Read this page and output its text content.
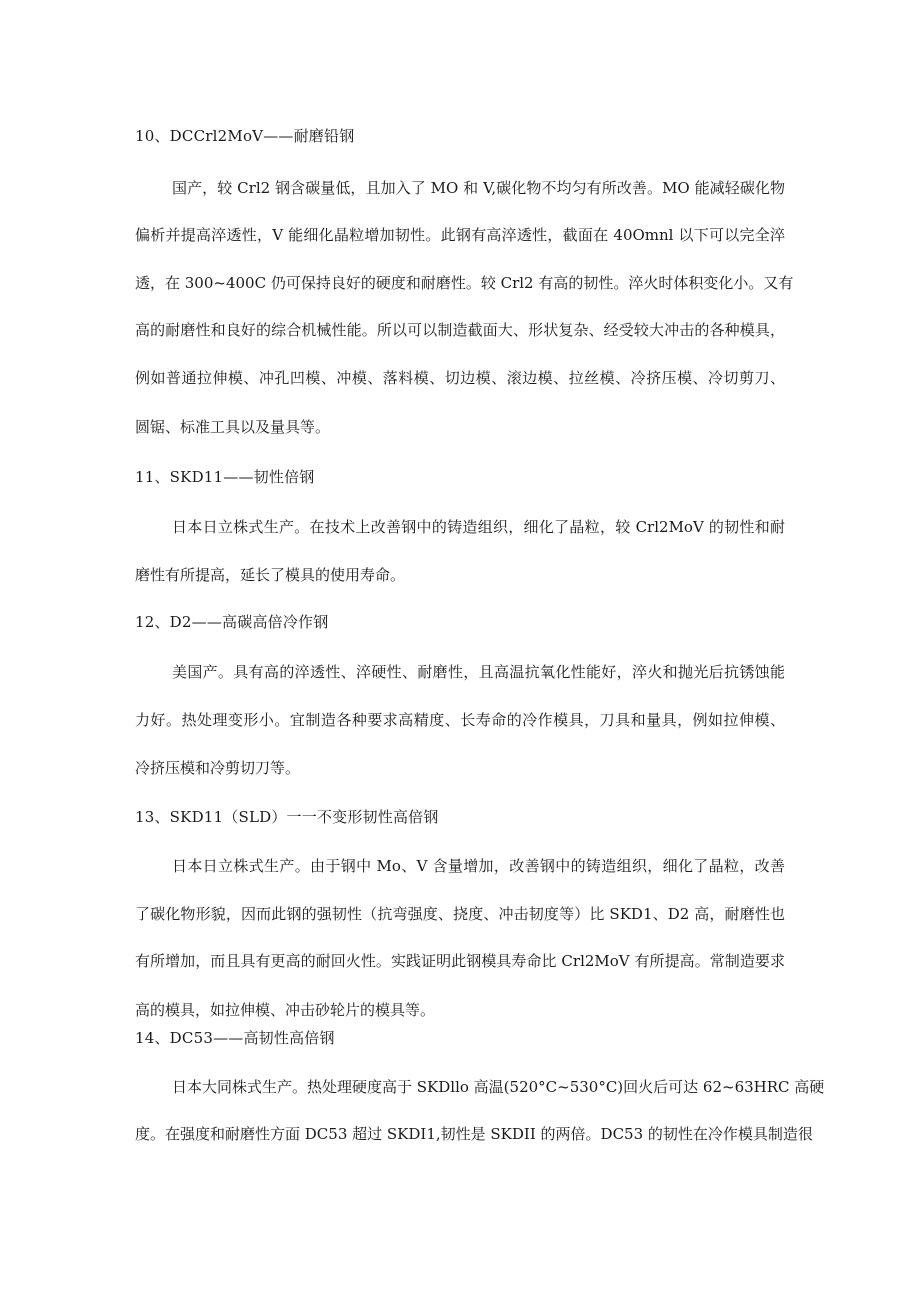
10、DCCrl2MoV——耐磨铅钢
国产，较 Crl2 钢含碳量低，且加入了 MO 和 V,碳化物不均匀有所改善。MO 能减轻碳化物
偏析并提高淬透性，V 能细化晶粒增加韧性。此钢有高淬透性，截面在 40Omnl 以下可以完全淬
透，在 300~400C 仍可保持良好的硬度和耐磨性。较 Crl2 有高的韧性。淬火时体积变化小。又有
高的耐磨性和良好的综合机械性能。所以可以制造截面大、形状复杂、经受较大冲击的各种模具，
例如普通拉伸模、冲孔凹模、冲模、落料模、切边模、滚边模、拉丝模、冷挤压模、冷切剪刀、
圆锯、标准工具以及量具等。
11、SKD11——韧性倍钢
日本日立株式生产。在技术上改善钢中的铸造组织，细化了晶粒，较 Crl2MoV 的韧性和耐
磨性有所提高，延长了模具的使用寿命。
12、D2——高碳高倍冷作钢
美国产。具有高的淬透性、淬硬性、耐磨性，且高温抗氧化性能好，淬火和抛光后抗锈蚀能
力好。热处理变形小。宜制造各种要求高精度、长寿命的冷作模具，刀具和量具，例如拉伸模、
冷挤压模和冷剪切刀等。
13、SKD11（SLD）一一不变形韧性高倍钢
日本日立株式生产。由于钢中 Mo、V 含量增加，改善钢中的铸造组织，细化了晶粒，改善
了碳化物形貌，因而此钢的强韧性（抗弯强度、挠度、冲击韧度等）比 SKD1、D2 高，耐磨性也
有所增加，而且具有更高的耐回火性。实践证明此钢模具寿命比 Crl2MoV 有所提高。常制造要求
高的模具，如拉伸模、冲击砂轮片的模具等。
14、DC53——高韧性高倍钢
日本大同株式生产。热处理硬度高于 SKDllo 高温(520°C~530°C)回火后可达 62~63HRC 高硬
度。在强度和耐磨性方面 DC53 超过 SKDI1,韧性是 SKDII 的两倍。DC53 的韧性在冷作模具制造很
